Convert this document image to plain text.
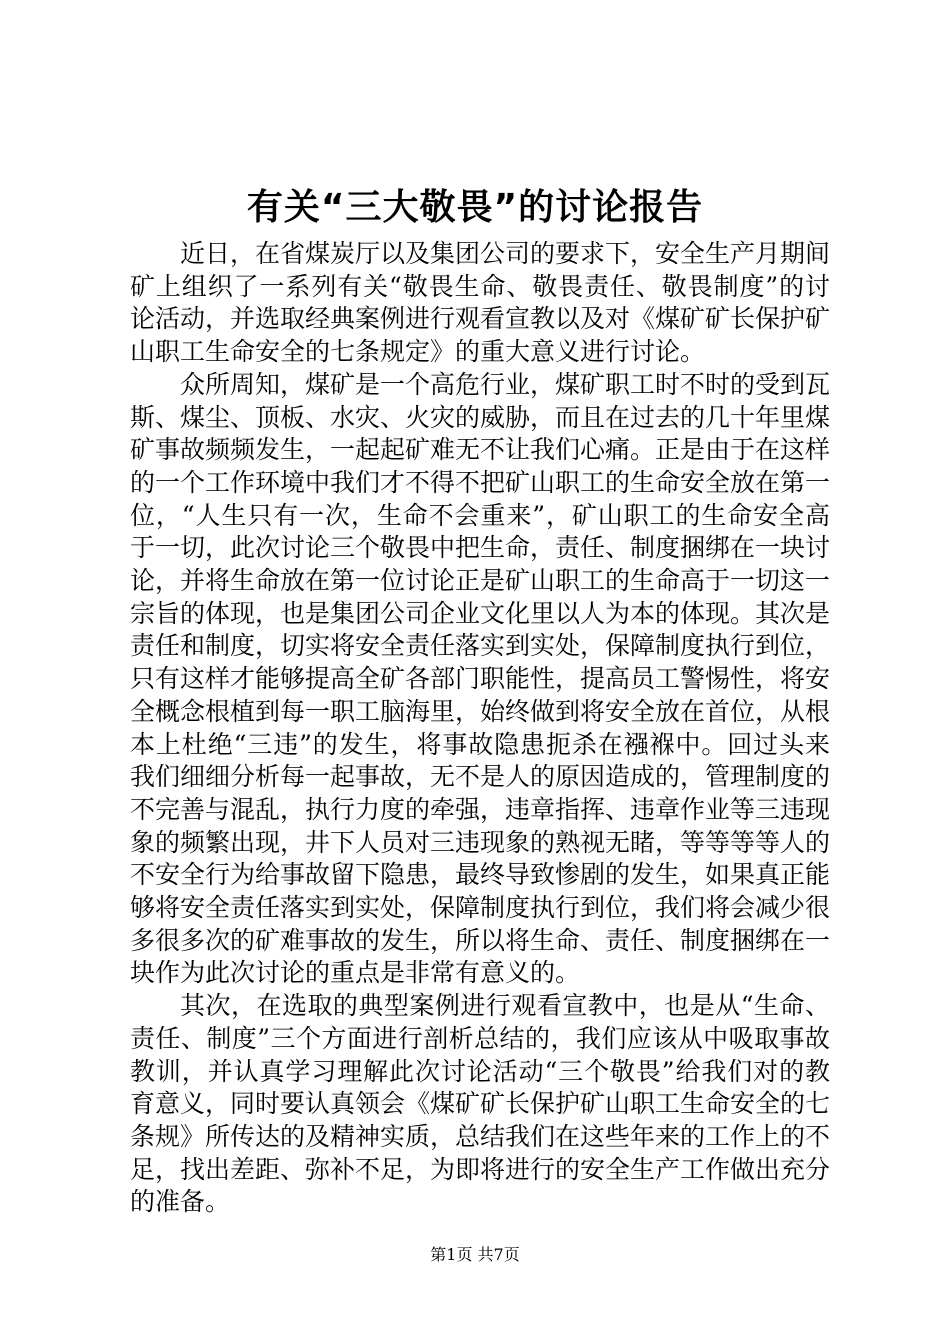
有关“三大敬畏”的讨论报告

近日，在省煤炭厅以及集团公司的要求下，安全生产月期间矿上组织了一系列有关“敬畏生命、敬畏责任、敬畏制度”的讨论活动，并选取经典案例进行观看宣教以及对《煤矿矿长保护矿山职工生命安全的七条规定》的重大意义进行讨论。

众所周知，煤矿是一个高危行业，煤矿职工时不时的受到瓦斯、煤尘、顶板、水灾、火灾的威胁，而且在过去的几十年里煤矿事故频频发生，一起起矿难无不让我们心痛。正是由于在这样的一个工作环境中我们才不得不把矿山职工的生命安全放在第一位，“人生只有一次，生命不会重来”，矿山职工的生命安全高于一切，此次讨论三个敬畏中把生命，责任、制度捆绑在一块讨论，并将生命放在第一位讨论正是矿山职工的生命高于一切这一宗旨的体现，也是集团公司企业文化里以人为本的体现。其次是责任和制度，切实将安全责任落实到实处，保障制度执行到位，只有这样才能够提高全矿各部门职能性，提高员工警惕性，将安全概念根植到每一职工脑海里，始终做到将安全放在首位，从根本上杜绝“三违”的发生，将事故隐患扼杀在襁褓中。回过头来我们细细分析每一起事故，无不是人的原因造成的，管理制度的不完善与混乱，执行力度的牵强，违章指挥、违章作业等三违现象的频繁出现，井下人员对三违现象的熟视无睹，等等等等人的不安全行为给事故留下隐患，最终导致惨剧的发生，如果真正能够将安全责任落实到实处，保障制度执行到位，我们将会减少很多很多次的矿难事故的发生，所以将生命、责任、制度捆绑在一块作为此次讨论的重点是非常有意义的。

其次，在选取的典型案例进行观看宣教中，也是从“生命、责任、制度”三个方面进行剖析总结的，我们应该从中吸取事故教训，并认真学习理解此次讨论活动“三个敬畏”给我们对的教育意义，同时要认真领会《煤矿矿长保护矿山职工生命安全的七条规》所传达的及精神实质，总结我们在这些年来的工作上的不足，找出差距、弥补不足，为即将进行的安全生产工作做出充分的准备。

第1页 共7页
